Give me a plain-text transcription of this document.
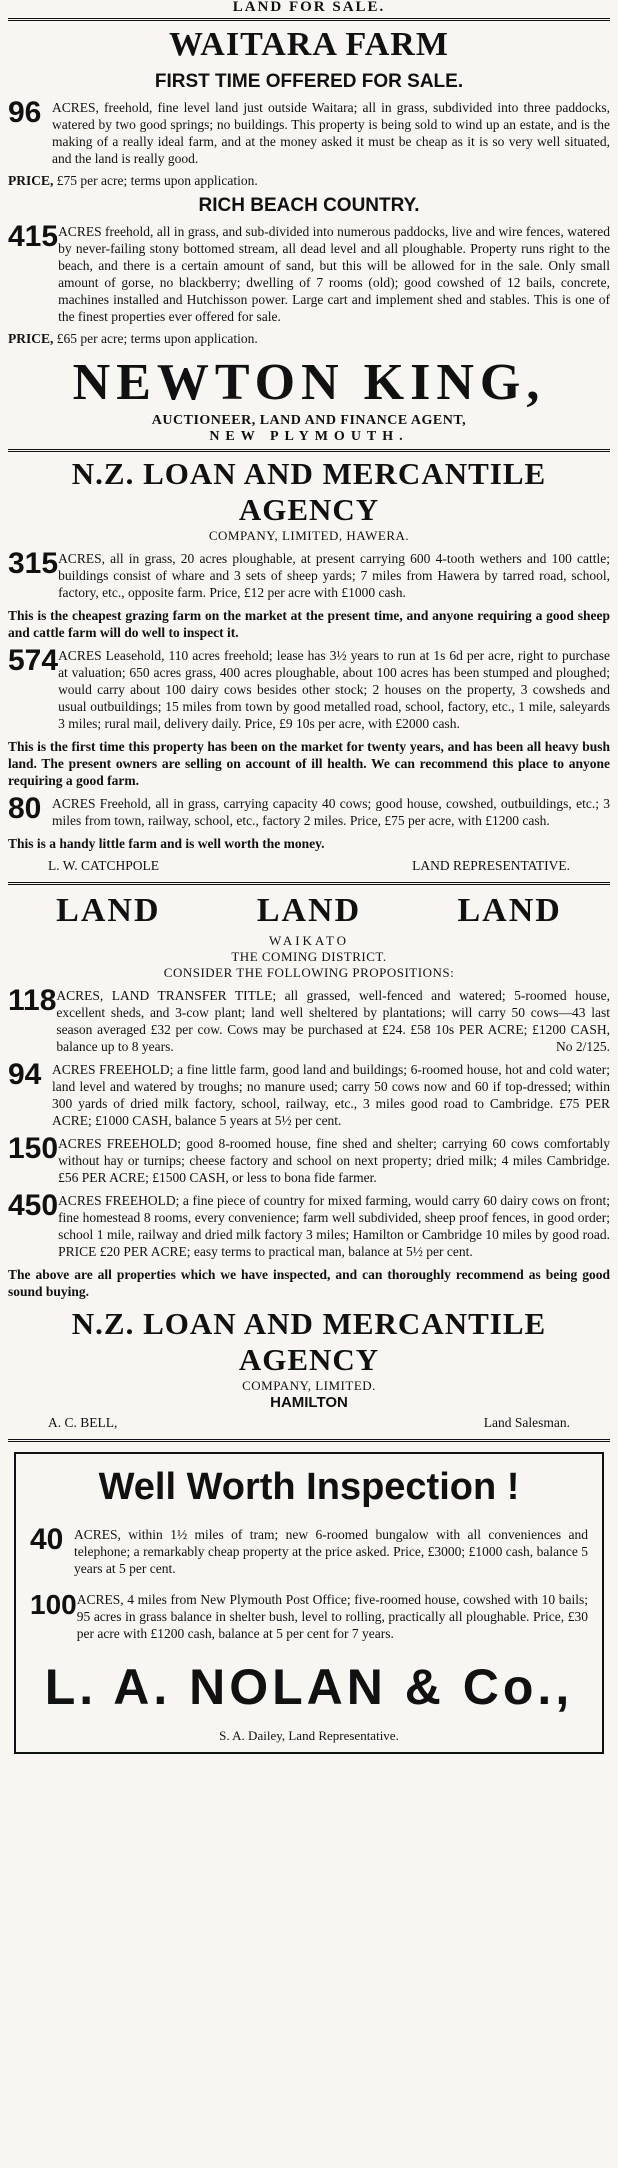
LAND FOR SALE.
WAITARA FARM
FIRST TIME OFFERED FOR SALE.
96 ACRES, freehold, fine level land just outside Waitara; all in grass, subdivided into three paddocks, watered by two good springs; no buildings. This property is being sold to wind up an estate, and is the making of a really ideal farm, and at the money asked it must be cheap as it is so very well situated, and the land is really good.
PRICE, £75 per acre; terms upon application.
RICH BEACH COUNTRY.
415 ACRES freehold, all in grass, and sub-divided into numerous paddocks, live and wire fences, watered by never-failing stony bottomed stream, all dead level and all ploughable. Property runs right to the beach, and there is a certain amount of sand, but this will be allowed for in the sale. Only small amount of gorse, no blackberry; dwelling of 7 rooms (old); good cowshed of 12 bails, concrete, machines installed and Hutchisson power. Large cart and implement shed and stables. This is one of the finest properties ever offered for sale.
PRICE, £65 per acre; terms upon application.
NEWTON KING,
AUCTIONEER, LAND AND FINANCE AGENT,
NEW PLYMOUTH.
N.Z. LOAN AND MERCANTILE AGENCY
COMPANY, LIMITED, HAWERA.
315 ACRES, all in grass, 20 acres ploughable, at present carrying 600 4-tooth wethers and 100 cattle; buildings consist of whare and 3 sets of sheep yards; 7 miles from Hawera by tarred road, school, factory, etc., opposite farm. Price, £12 per acre with £1000 cash.
This is the cheapest grazing farm on the market at the present time, and anyone requiring a good sheep and cattle farm will do well to inspect it.
574 ACRES Leasehold, 110 acres freehold; lease has 3½ years to run at 1s 6d per acre, right to purchase at valuation; 650 acres grass, 400 acres ploughable, about 100 acres has been stumped and ploughed; would carry about 100 dairy cows besides other stock; 2 houses on the property, 3 cowsheds and usual outbuildings; 15 miles from town by good metalled road, school, factory, etc., 1 mile, saleyards 3 miles; rural mail, delivery daily. Price, £9 10s per acre, with £2000 cash.
This is the first time this property has been on the market for twenty years, and has been all heavy bush land. The present owners are selling on account of ill health. We can recommend this place to anyone requiring a good farm.
80 ACRES Freehold, all in grass, carrying capacity 40 cows; good house, cowshed, outbuildings, etc.; 3 miles from town, railway, school, etc., factory 2 miles. Price, £75 per acre, with £1200 cash.
This is a handy little farm and is well worth the money.
L. W. CATCHPOLE	LAND REPRESENTATIVE.
LAND	LAND	LAND
WAIKATO
THE COMING DISTRICT.
CONSIDER THE FOLLOWING PROPOSITIONS:
118 ACRES, LAND TRANSFER TITLE; all grassed, well-fenced and watered; 5-roomed house, excellent sheds, and 3-cow plant; land well sheltered by plantations; will carry 50 cows—43 last season averaged £32 per cow. Cows may be purchased at £24. £58 10s PER ACRE; £1200 CASH, balance up to 8 years.	No 2/125.
94 ACRES FREEHOLD; a fine little farm, good land and buildings; 6-roomed house, hot and cold water; land level and watered by troughs; no manure used; carry 50 cows now and 60 if top-dressed; within 300 yards of dried milk factory, school, railway, etc., 3 miles good road to Cambridge. £75 PER ACRE; £1000 CASH, balance 5 years at 5½ per cent.
150 ACRES FREEHOLD; good 8-roomed house, fine shed and shelter; carrying 60 cows comfortably without hay or turnips; cheese factory and school on next property; dried milk; 4 miles Cambridge. £56 PER ACRE; £1500 CASH, or less to bona fide farmer.
450 ACRES FREEHOLD; a fine piece of country for mixed farming, would carry 60 dairy cows on front; fine homestead 8 rooms, every convenience; farm well subdivided, sheep proof fences, in good order; school 1 mile, railway and dried milk factory 3 miles; Hamilton or Cambridge 10 miles by good road. PRICE £20 PER ACRE; easy terms to practical man, balance at 5½ per cent.
The above are all properties which we have inspected, and can thoroughly recommend as being good sound buying.
N.Z. LOAN AND MERCANTILE AGENCY
COMPANY, LIMITED.
HAMILTON
A. C. BELL,	Land Salesman.
Well Worth Inspection !
40 ACRES, within 1½ miles of tram; new 6-roomed bungalow with all conveniences and telephone; a remarkably cheap property at the price asked. Price, £3000; £1000 cash, balance 5 years at 5 per cent.
100 ACRES, 4 miles from New Plymouth Post Office; five-roomed house, cowshed with 10 bails; 95 acres in grass balance in shelter bush, level to rolling, practically all ploughable. Price, £30 per acre with £1200 cash, balance at 5 per cent for 7 years.
L. A. NOLAN & Co.,
S. A. Dailey, Land Representative.
